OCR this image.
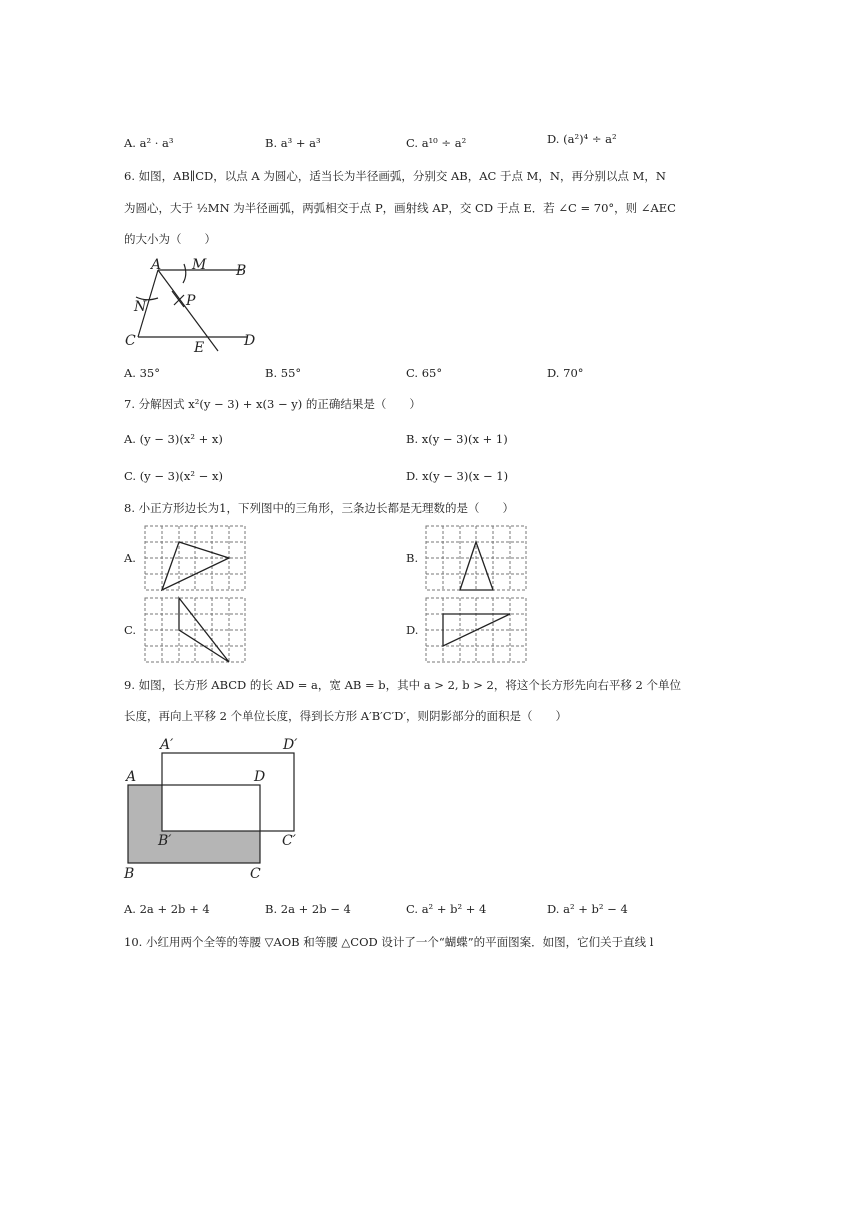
A. a² · a³	B. a³ + a³	C. a¹⁰ ÷ a²	D. (a²)⁴ ÷ a²
6. 如图，AB∥CD，以点 A 为圆心，适当长为半径画弧，分别交 AB，AC 于点 M，N，再分别以点 M，N
为圆心，大于 ½MN 为半径画弧，两弧相交于点 P，画射线 AP，交 CD 于点 E．若 ∠C = 70°，则 ∠AEC
的大小为（　　）
A M B
N	P
C	E	D
A. 35°	B. 55°	C. 65°	D. 70°
7. 分解因式 x²(y − 3) + x(3 − y) 的正确结果是（　　）
A. (y − 3)(x² + x)	B. x(y − 3)(x + 1)
C. (y − 3)(x² − x)	D. x(y − 3)(x − 1)
8. 小正方形边长为1，下列图中的三角形，三条边长都是无理数的是（　　）
A.	B.
C.	D.
9. 如图，长方形 ABCD 的长 AD = a，宽 AB = b，其中 a > 2, b > 2，将这个长方形先向右平移 2 个单位
长度，再向上平移 2 个单位长度，得到长方形 A′B′C′D′，则阴影部分的面积是（　　）
A′	D′
A	D
B′	C′
B	C
A. 2a + 2b + 4	B. 2a + 2b − 4	C. a² + b² + 4	D. a² + b² − 4
10. 小红用两个全等的等腰 ▽AOB 和等腰 △COD 设计了一个“蝴蝶”的平面图案．如图，它们关于直线 l
